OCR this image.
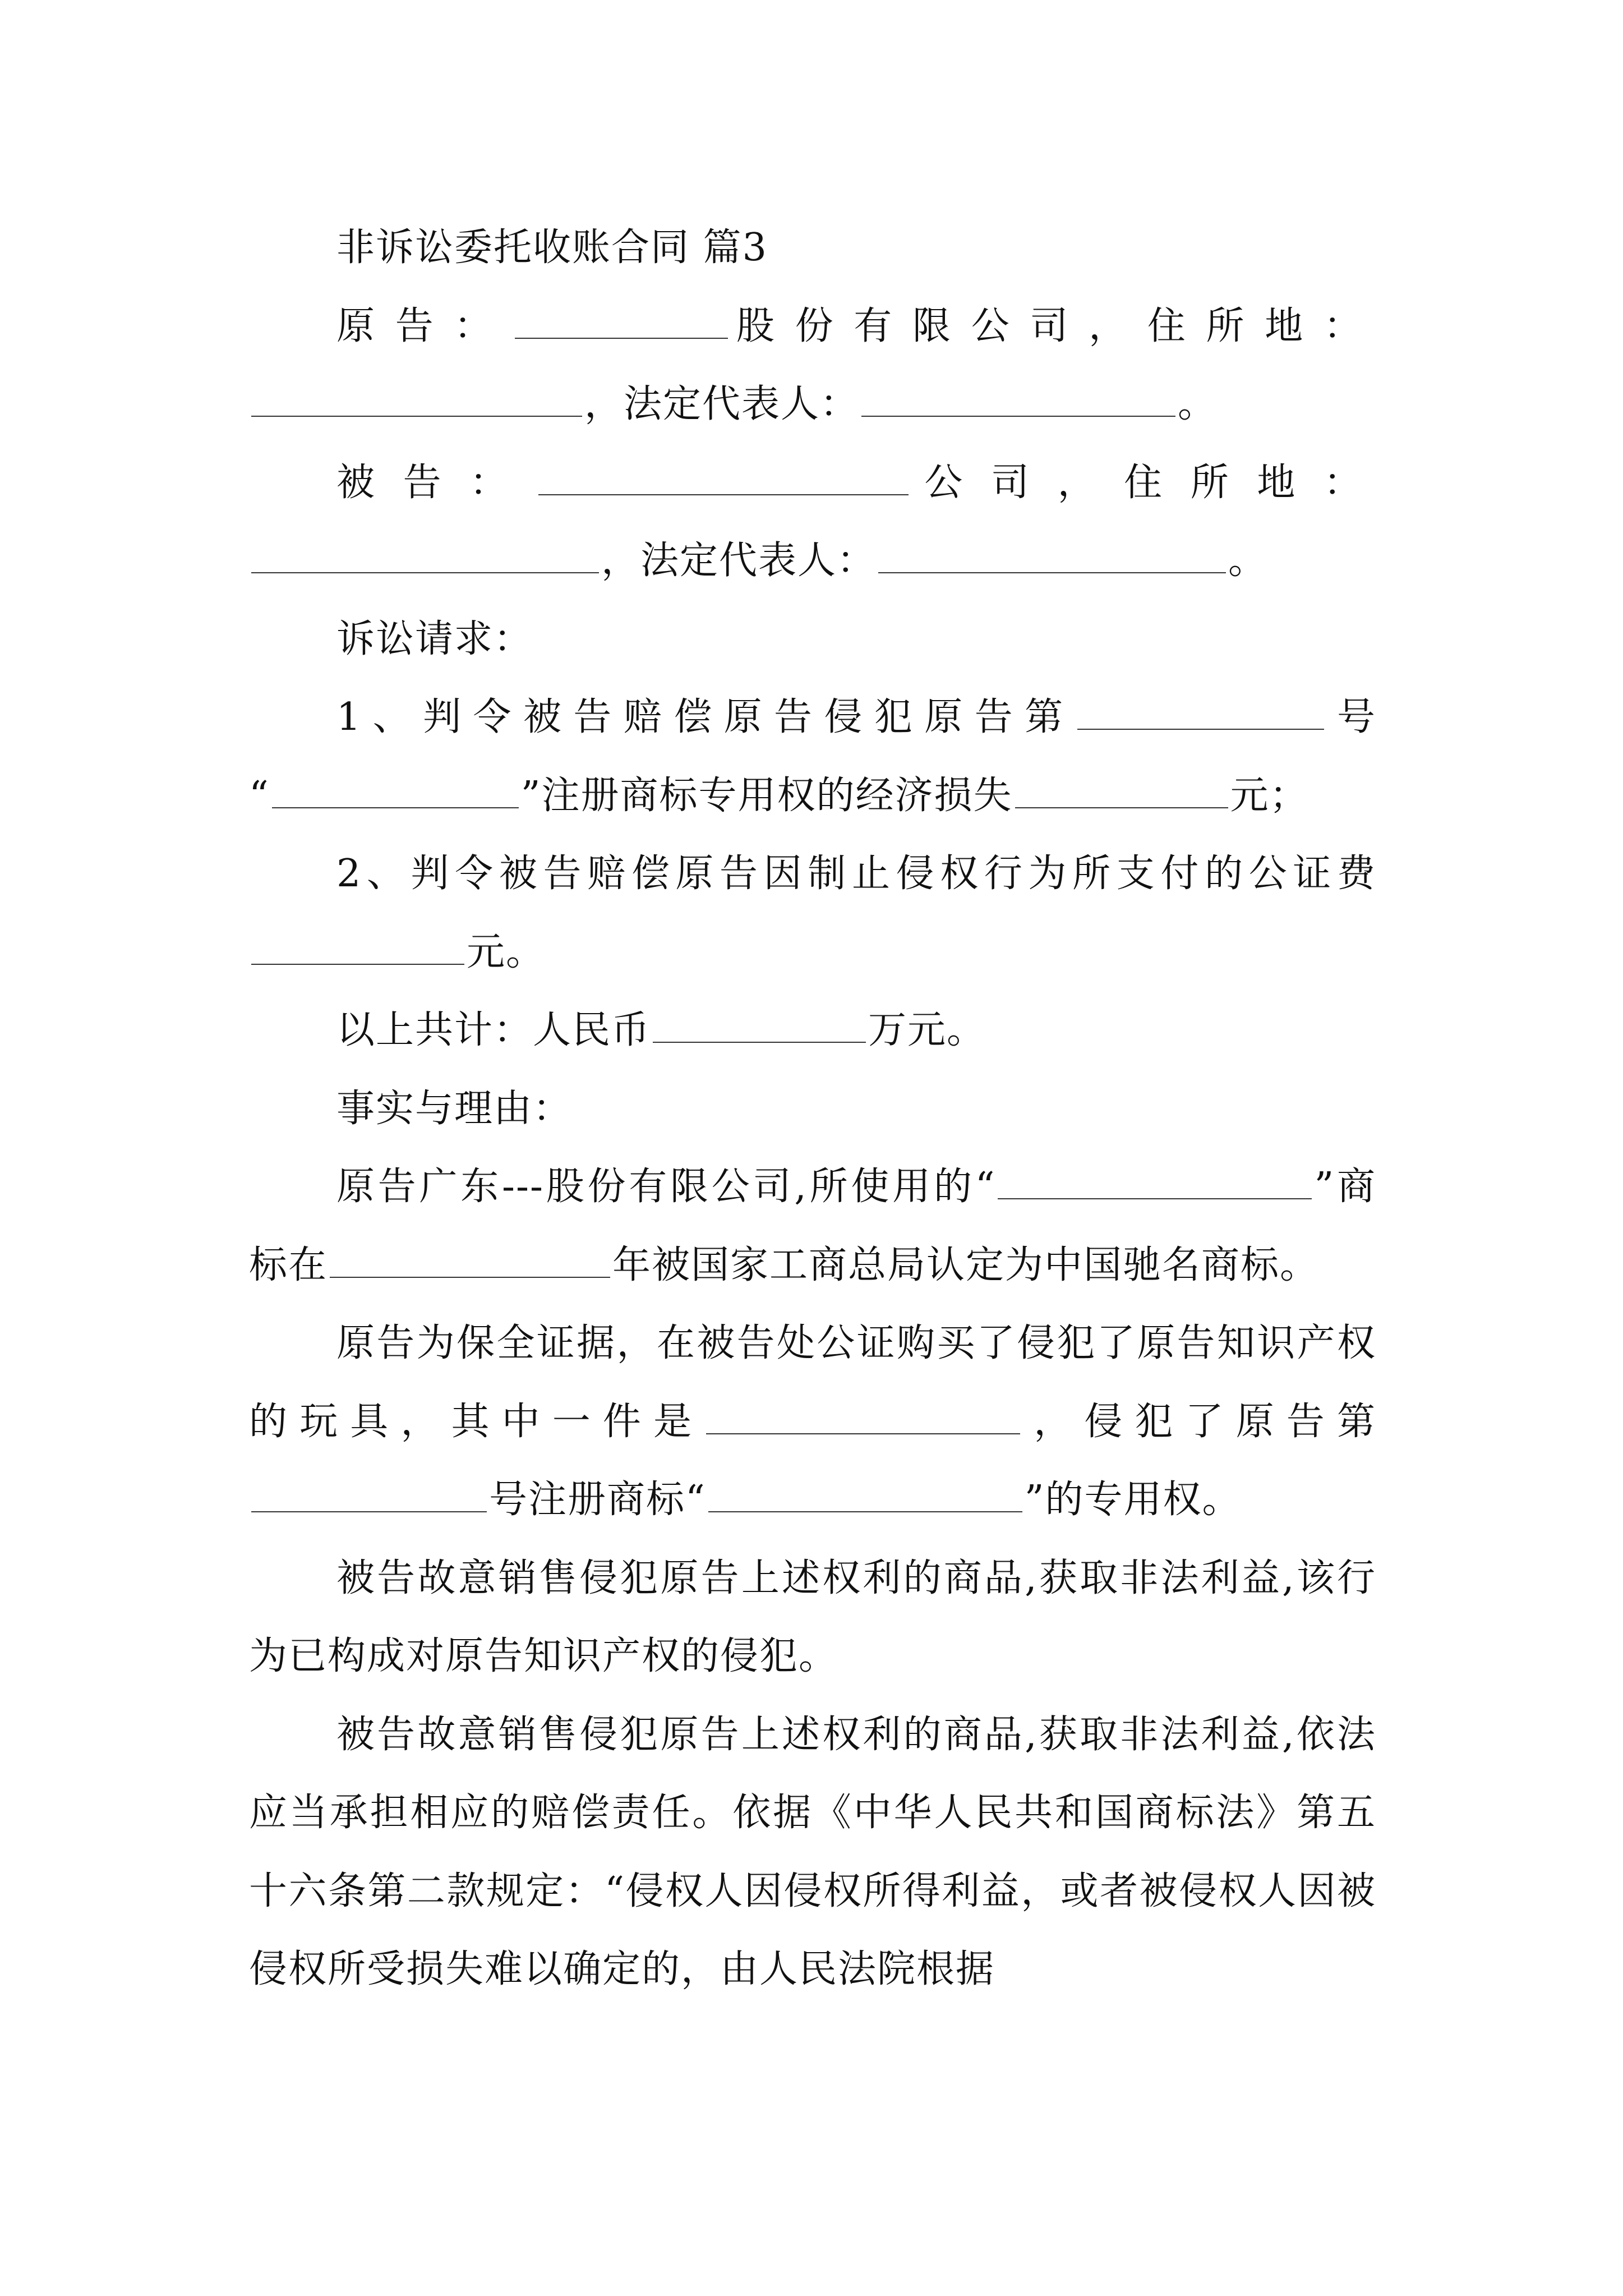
非诉讼委托收账合同 篇3
原告：	股份有限公司，住所地：
，法定代表人：	。
被告：	公司，住所地：
，法定代表人：	。
诉讼请求：
1、判令被告赔偿原告侵犯原告第	号
“	”注册商标专用权的经济损失	元；
2、判令被告赔偿原告因制止侵权行为所支付的公证费元。
以上共计：人民币	万元。
事实与理由：
原告广东---股份有限公司,所使用的“	”商标在	年被国家工商总局认定为中国驰名商标。
原告为保全证据，在被告处公证购买了侵犯了原告知识产权的玩具，其中一件是	，侵犯了原告第号注册商标“	”的专用权。
被告故意销售侵犯原告上述权利的商品,获取非法利益,该行为已构成对原告知识产权的侵犯。
被告故意销售侵犯原告上述权利的商品,获取非法利益,依法应当承担相应的赔偿责任。依据《中华人民共和国商标法》第五十六条第二款规定：“侵权人因侵权所得利益，或者被侵权人因被侵权所受损失难以确定的，由人民法院根据
